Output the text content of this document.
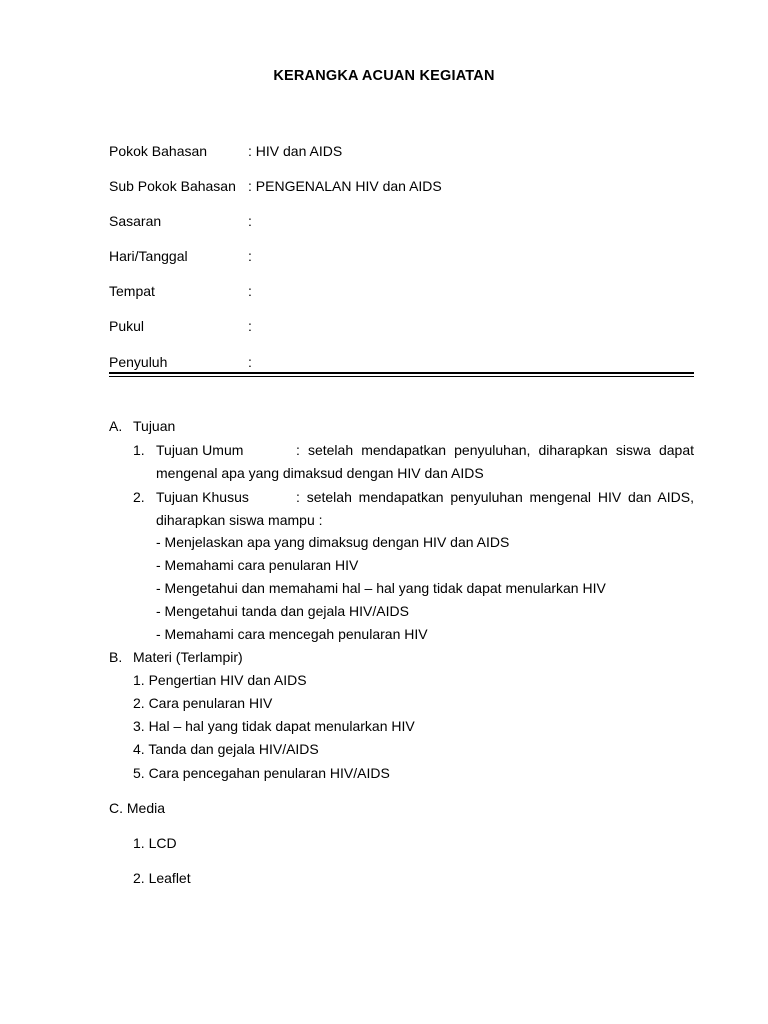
KERANGKA ACUAN KEGIATAN
Pokok Bahasan	: HIV dan AIDS
Sub Pokok Bahasan : PENGENALAN HIV dan AIDS
Sasaran	:
Hari/Tanggal	:
Tempat	:
Pukul	:
Penyuluh	:
A. Tujuan
1. Tujuan Umum	: setelah mendapatkan penyuluhan, diharapkan siswa dapat
mengenal apa yang dimaksud dengan HIV dan AIDS
2. Tujuan Khusus	: setelah mendapatkan penyuluhan mengenal HIV dan AIDS,
diharapkan siswa mampu :
- Menjelaskan apa yang dimaksug dengan HIV dan AIDS
- Memahami cara penularan HIV
- Mengetahui dan memahami hal – hal yang tidak dapat menularkan HIV
- Mengetahui tanda dan gejala HIV/AIDS
- Memahami cara mencegah penularan HIV
B. Materi (Terlampir)
1. Pengertian HIV dan AIDS
2. Cara penularan HIV
3. Hal – hal yang tidak dapat menularkan HIV
4. Tanda dan gejala HIV/AIDS
5. Cara pencegahan penularan HIV/AIDS
C. Media
1. LCD
2. Leaflet
